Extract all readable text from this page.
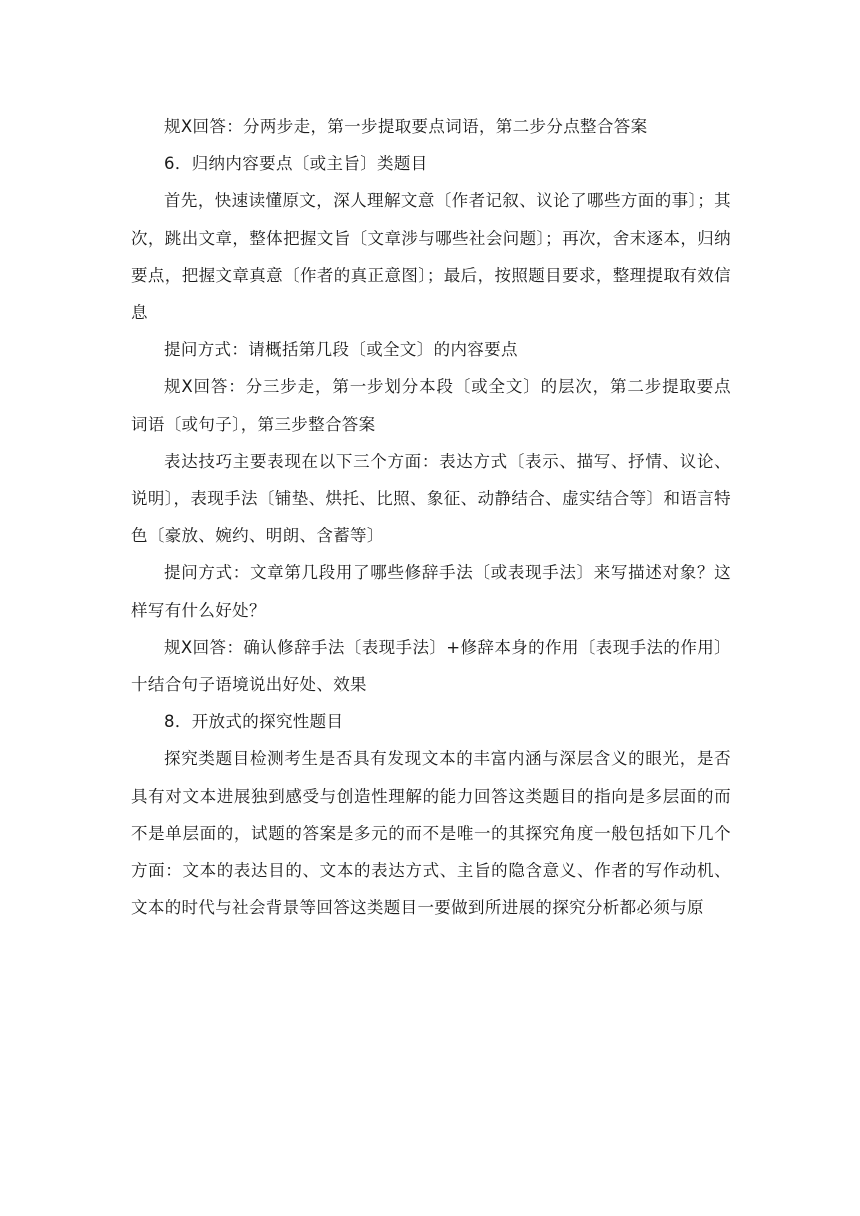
规X回答：分两步走，第一步提取要点词语，第二步分点整合答案

6．归纳内容要点〔或主旨〕类题目

首先，快速读懂原文，深人理解文意〔作者记叙、议论了哪些方面的事〕；其次，跳出文章，整体把握文旨〔文章涉与哪些社会问题〕；再次，舍末逐本，归纳要点，把握文章真意〔作者的真正意图〕；最后，按照题目要求，整理提取有效信息

提问方式：请概括第几段〔或全文〕的内容要点

规X回答：分三步走，第一步划分本段〔或全文〕的层次，第二步提取要点词语〔或句子〕，第三步整合答案

表达技巧主要表现在以下三个方面：表达方式〔表示、描写、抒情、议论、说明〕，表现手法〔铺垫、烘托、比照、象征、动静结合、虚实结合等〕和语言特色〔豪放、婉约、明朗、含蓄等〕

提问方式：文章第几段用了哪些修辞手法〔或表现手法〕来写描述对象？这样写有什么好处？

规X回答：确认修辞手法〔表现手法〕+修辞本身的作用〔表现手法的作用〕十结合句子语境说出好处、效果

8．开放式的探究性题目

探究类题目检测考生是否具有发现文本的丰富内涵与深层含义的眼光，是否具有对文本进展独到感受与创造性理解的能力回答这类题目的指向是多层面的而不是单层面的，试题的答案是多元的而不是唯一的其探究角度一般包括如下几个方面：文本的表达目的、文本的表达方式、主旨的隐含意义、作者的写作动机、文本的时代与社会背景等回答这类题目一要做到所进展的探究分析都必须与原
